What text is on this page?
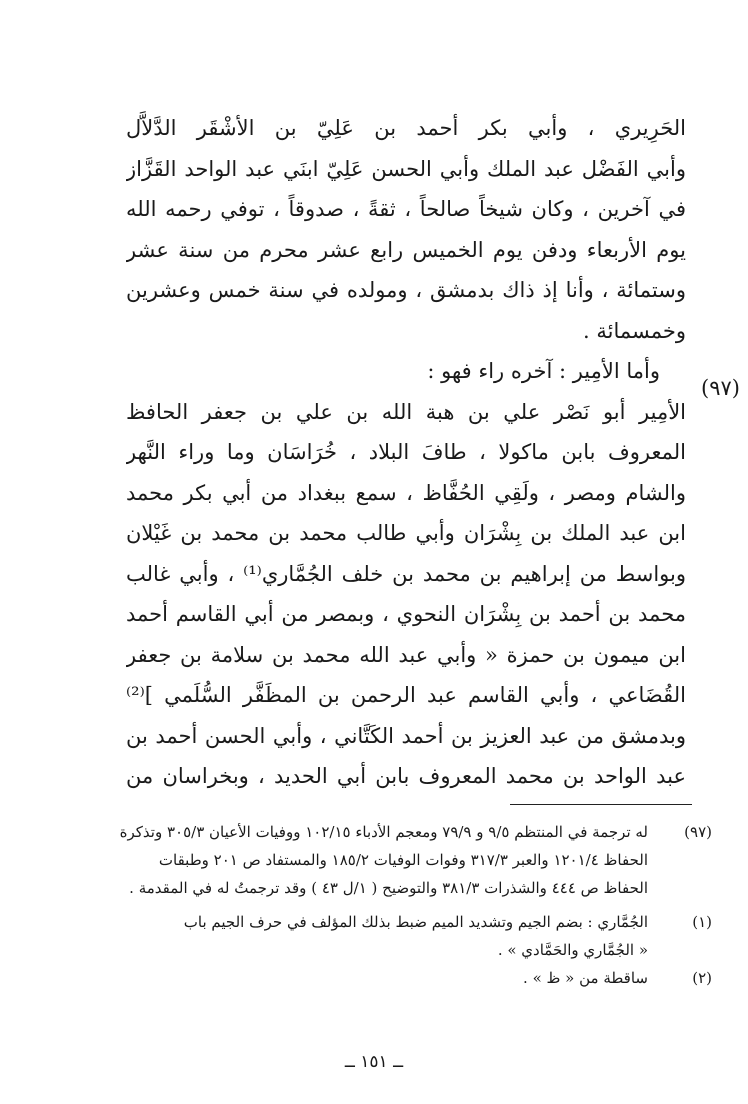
الحَرِيري ، وأبي بكر أحمد بن عَلِيّ بن الأشْقَر الدَّلاَّل
وأبي الفَضْل عبد الملك وأبي الحسن عَلِيّ ابنَي عبد الواحد القَزَّاز
في آخرين ، وكان شيخاً صالحاً ، ثقةً ، صدوقاً ، توفي رحمه الله
يوم الأربعاء ودفن يوم الخميس رابع عشر محرم من سنة عشر
وستمائة ، وأنا إذ ذاك بدمشق ، ومولده في سنة خمس وعشرين
وخمسمائة .
وأما الأمِير : آخره راء فهو :
الأمِير أبو نَصْر علي بن هبة الله بن علي بن جعفر الحافظ
المعروف بابن ماكولا ، طافَ البلاد ، خُرَاسَان وما وراء النَّهر
والشام ومصر ، ولَقِي الحُفَّاظ ، سمع ببغداد من أبي بكر محمد
ابن عبد الملك بن بِشْرَان وأبي طالب محمد بن محمد بن غَيْلان
وبواسط من إبراهيم بن محمد بن خلف الجُمَّاري⁽¹⁾ ، وأبي غالب
محمد بن أحمد بن بِشْرَان النحوي ، وبمصر من أبي القاسم أحمد
ابن ميمون بن حمزة « وأبي عبد الله محمد بن سلامة بن جعفر
القُضَاعي ، وأبي القاسم عبد الرحمن بن المظَفَّر السُّلَمي ]⁽²⁾
وبدمشق من عبد العزيز بن أحمد الكَتَّاني ، وأبي الحسن أحمد بن
عبد الواحد بن محمد المعروف بابن أبي الحديد ، وبخراسان من
(٩٧)
(٩٧)
له ترجمة في المنتظم ٩/٥ و ٧٩/٩ ومعجم الأدباء ١٠٢/١٥ ووفيات الأعيان ٣٠٥/٣ وتذكرة
الحفاظ ١٢٠١/٤ والعبر ٣١٧/٣ وفوات الوفيات ١٨٥/٢ والمستفاد ص ٢٠١ وطبقات
الحفاظ ص ٤٤٤ والشذرات ٣٨١/٣ والتوضيح ( ١/ل ٤٣ ) وقد ترجمتُ له في المقدمة .
(١)
الجُمَّاري : بضم الجيم وتشديد الميم ضبط بذلك المؤلف في حرف الجيم باب
« الجُمَّاري والحَمَّادي » .
(٢)
ساقطة من « ظ » .
ــ ١٥١ ــ
